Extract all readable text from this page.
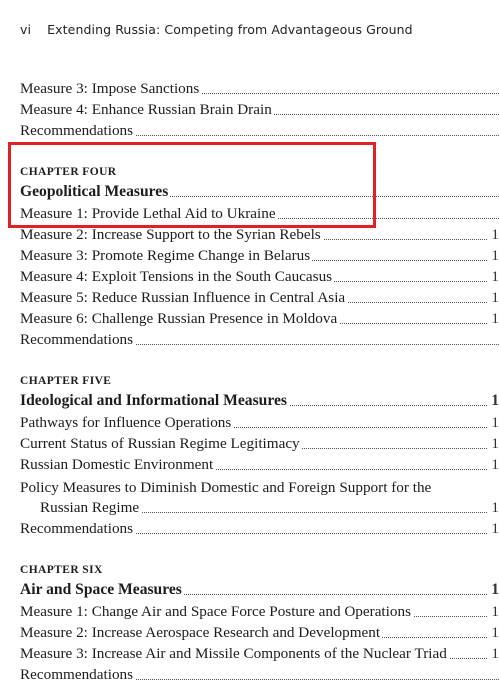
vi Extending Russia: Competing from Advantageous Ground
Measure 3: Impose Sanctions
Measure 4: Enhance Russian Brain Drain
Recommendations
CHAPTER FOUR
Geopolitical Measures
Measure 1: Provide Lethal Aid to Ukraine
Measure 2: Increase Support to the Syrian Rebels	1
Measure 3: Promote Regime Change in Belarus	1
Measure 4: Exploit Tensions in the South Caucasus	1
Measure 5: Reduce Russian Influence in Central Asia	1
Measure 6: Challenge Russian Presence in Moldova	1
Recommendations
CHAPTER FIVE
Ideological and Informational Measures	1
Pathways for Influence Operations	1
Current Status of Russian Regime Legitimacy	1
Russian Domestic Environment	1
Policy Measures to Diminish Domestic and Foreign Support for the
Russian Regime	1
Recommendations	1
CHAPTER SIX
Air and Space Measures	1
Measure 1: Change Air and Space Force Posture and Operations	1
Measure 2: Increase Aerospace Research and Development	1
Measure 3: Increase Air and Missile Components of the Nuclear Triad	1
Recommendations
